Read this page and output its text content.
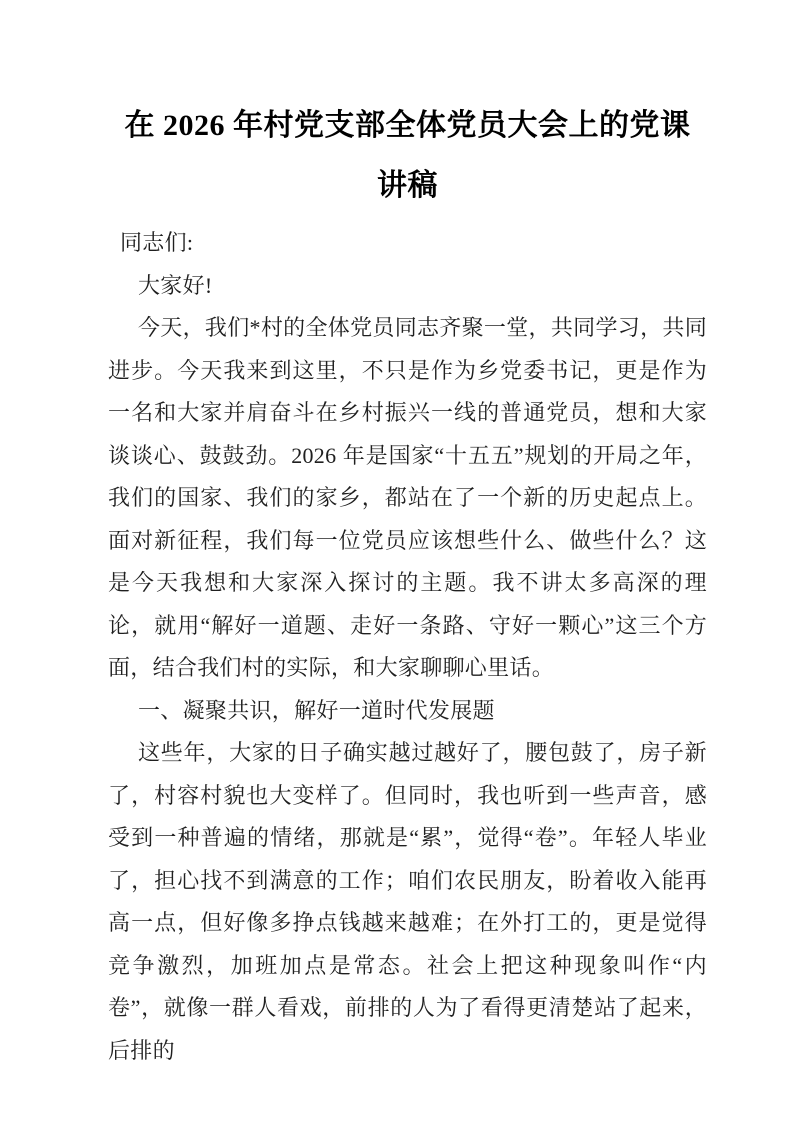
在 2026 年村党支部全体党员大会上的党课
讲稿

同志们:

大家好!

今天，我们*村的全体党员同志齐聚一堂，共同学习，共同进步。今天我来到这里，不只是作为乡党委书记，更是作为一名和大家并肩奋斗在乡村振兴一线的普通党员，想和大家谈谈心、鼓鼓劲。2026 年是国家“十五五”规划的开局之年，我们的国家、我们的家乡，都站在了一个新的历史起点上。面对新征程，我们每一位党员应该想些什么、做些什么？这是今天我想和大家深入探讨的主题。我不讲太多高深的理论，就用“解好一道题、走好一条路、守好一颗心”这三个方面，结合我们村的实际，和大家聊聊心里话。

一、凝聚共识，解好一道时代发展题

这些年，大家的日子确实越过越好了，腰包鼓了，房子新了，村容村貌也大变样了。但同时，我也听到一些声音，感受到一种普遍的情绪，那就是“累”，觉得“卷”。年轻人毕业了，担心找不到满意的工作；咱们农民朋友，盼着收入能再高一点，但好像多挣点钱越来越难；在外打工的，更是觉得竞争激烈，加班加点是常态。社会上把这种现象叫作“内卷”，就像一群人看戏，前排的人为了看得更清楚站了起来，后排的
